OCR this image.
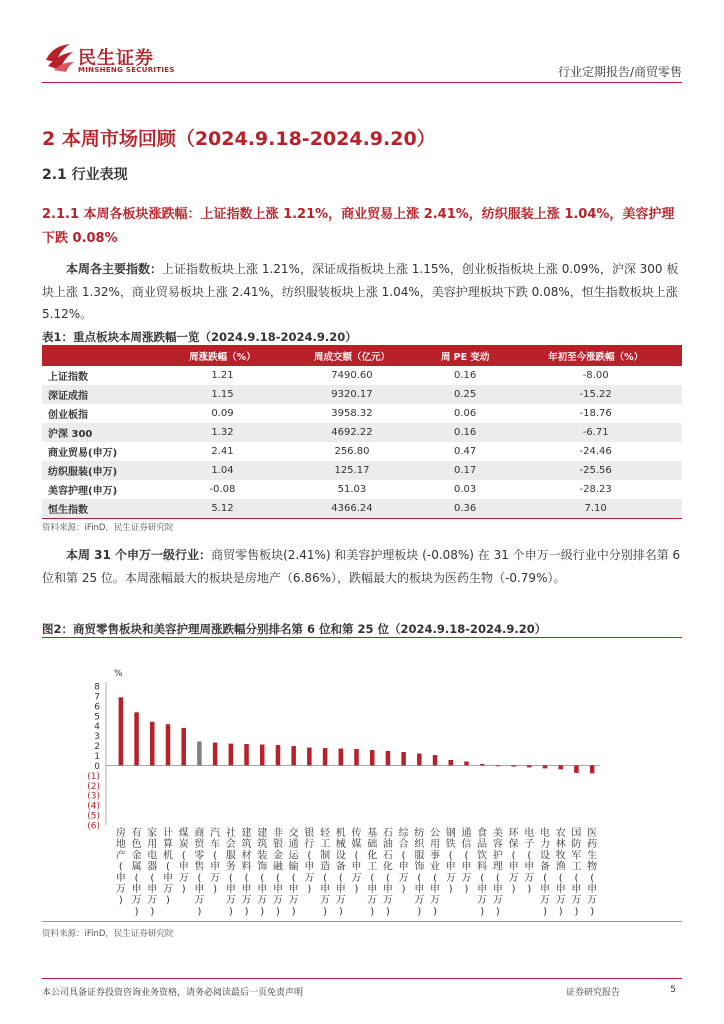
民生证券
MINSHENG SECURITIES	行业定期报告/商贸零售
2 本周市场回顾（2024.9.18-2024.9.20）
2.1 行业表现
2.1.1 本周各板块涨跌幅：上证指数上涨 1.21%，商业贸易上涨 2.41%，纺织服装上涨 1.04%，美容护理下跌 0.08%
本周各主要指数：上证指数板块上涨 1.21%，深证成指板块上涨 1.15%，创业板指板块上涨 0.09%，沪深 300 板块上涨 1.32%，商业贸易板块上涨 2.41%，纺织服装板块上涨 1.04%，美容护理板块下跌 0.08%，恒生指数板块上涨 5.12%。
表1：重点板块本周涨跌幅一览（2024.9.18-2024.9.20）
	周涨跌幅（%）	周成交额（亿元）	周 PE 变动	年初至今涨跌幅（%）
上证指数	1.21	7490.60	0.16	-8.00
深证成指	1.15	9320.17	0.25	-15.22
创业板指	0.09	3958.32	0.06	-18.76
沪深 300	1.32	4692.22	0.16	-6.71
商业贸易(申万)	2.41	256.80	0.47	-24.46
纺织服装(申万)	1.04	125.17	0.17	-25.56
美容护理(申万)	-0.08	51.03	0.03	-28.23
恒生指数	5.12	4366.24	0.36	7.10
资料来源：iFinD，民生证券研究院
本周 31 个申万一级行业：商贸零售板块(2.41%) 和美容护理板块 (-0.08%) 在 31 个申万一级行业中分别排名第 6 位和第 25 位。本周涨幅最大的板块是房地产（6.86%），跌幅最大的板块为医药生物（-0.79%）。
图2：商贸零售板块和美容护理周涨跌幅分别排名第 6 位和第 25 位（2024.9.18-2024.9.20）
%
8
7
6
5
4
3
2
1
0
(1)
(2)
(3)
(4)
(5)
(6)
房地产(申万)
有色金属(申万)
家用电器(申万)
计算机(申万)
煤炭(申万)
商贸零售(申万)
汽车(申万)
社会服务(申万)
建筑材料(申万)
建筑装饰(申万)
非银金融(申万)
交通运输(申万)
银行(申万)
轻工制造(申万)
机械设备(申万)
传媒(申万)
基础化工(申万)
石油石化(申万)
综合(申万)
纺织服饰(申万)
公用事业(申万)
钢铁(申万)
通信(申万)
食品饮料(申万)
美容护理(申万)
环保(申万)
电子(申万)
电力设备(申万)
农林牧渔(申万)
国防军工(申万)
医药生物(申万)
资料来源：iFinD，民生证券研究院
本公司具备证券投资咨询业务资格，请务必阅读最后一页免责声明	证券研究报告	5
